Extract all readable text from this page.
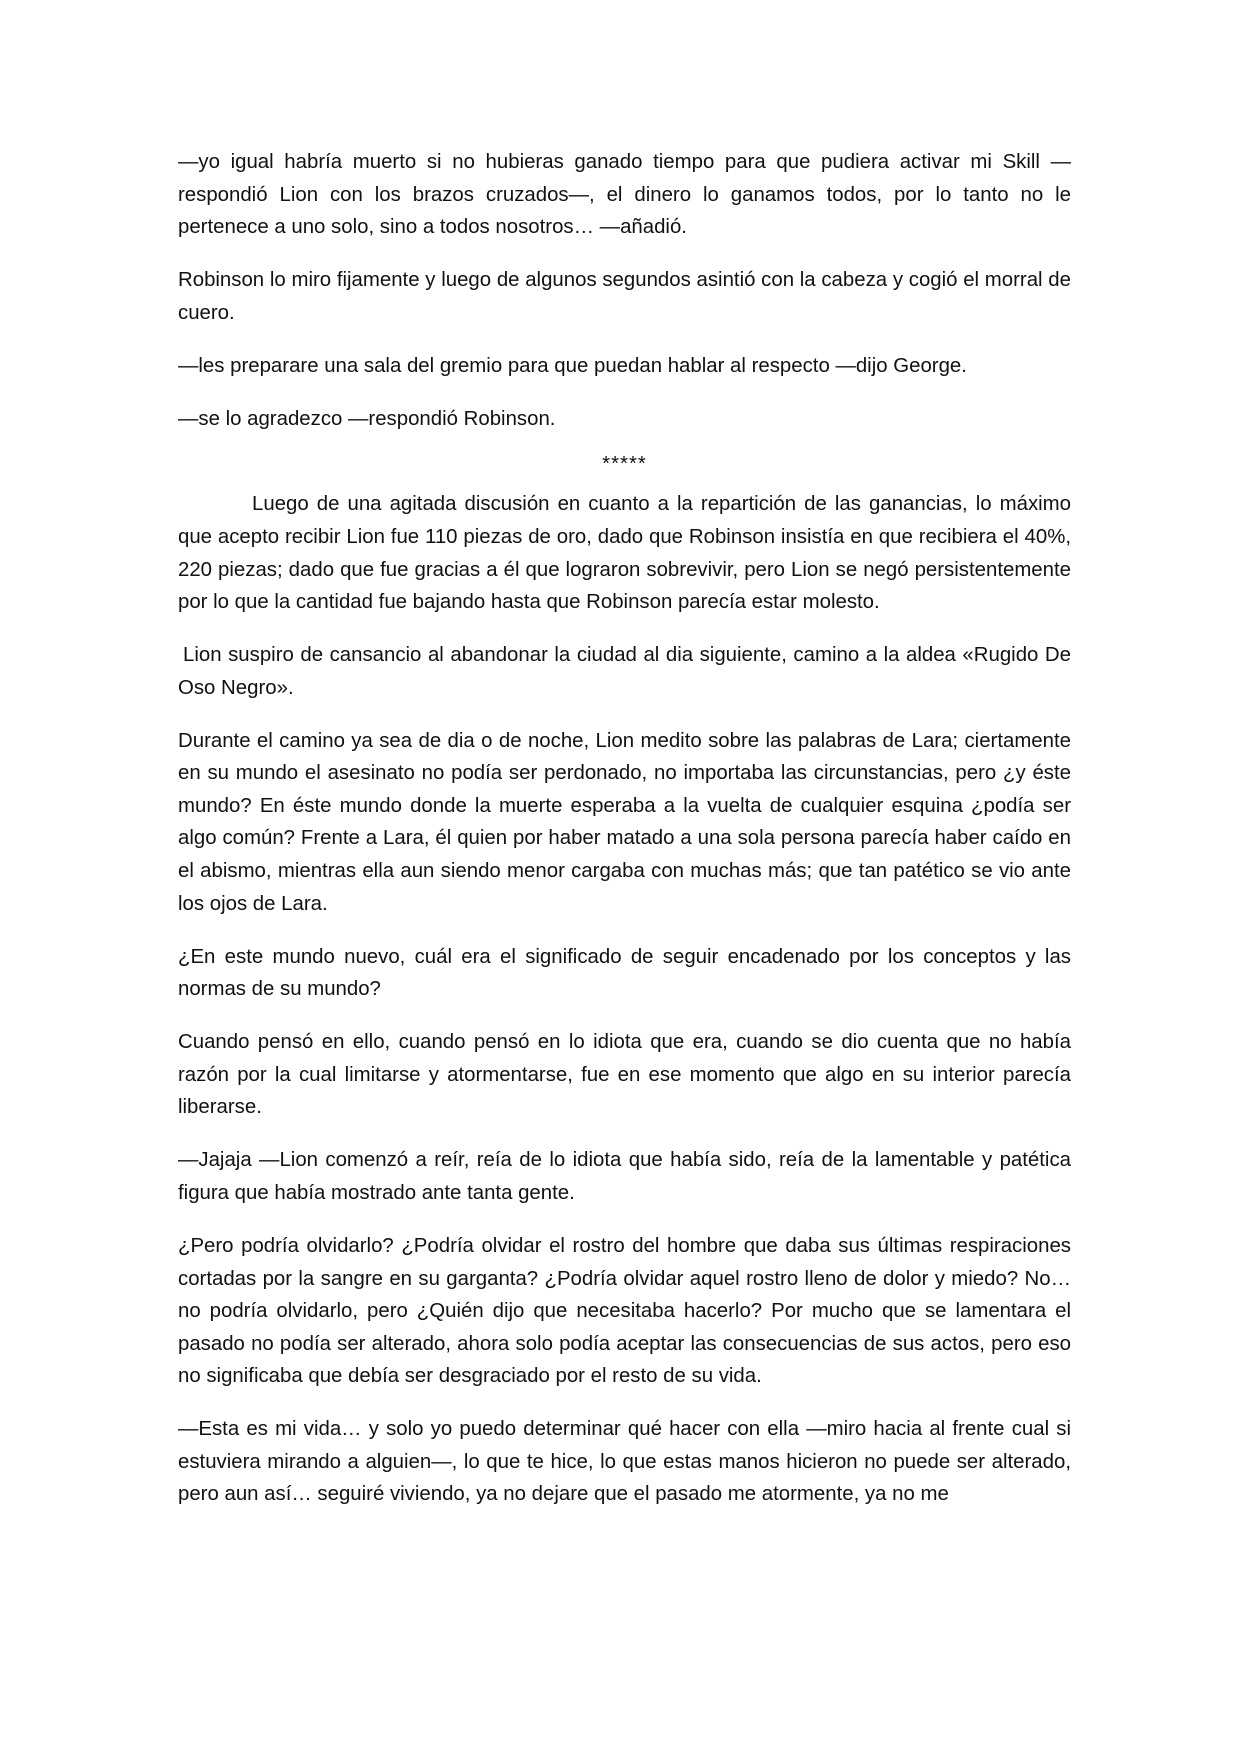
—yo igual habría muerto si no hubieras ganado tiempo para que pudiera activar mi Skill —respondió Lion con los brazos cruzados—, el dinero lo ganamos todos, por lo tanto no le pertenece a uno solo, sino a todos nosotros… —añadió.

Robinson lo miro fijamente y luego de algunos segundos asintió con la cabeza y cogió el morral de cuero.

—les preparare una sala del gremio para que puedan hablar al respecto —dijo George.

—se lo agradezco —respondió Robinson.

*****

Luego de una agitada discusión en cuanto a la repartición de las ganancias, lo máximo que acepto recibir Lion fue 110 piezas de oro, dado que Robinson insistía en que recibiera el 40%, 220 piezas; dado que fue gracias a él que lograron sobrevivir, pero Lion se negó persistentemente por lo que la cantidad fue bajando hasta que Robinson parecía estar molesto.

Lion suspiro de cansancio al abandonar la ciudad al dia siguiente, camino a la aldea «Rugido De Oso Negro».

Durante el camino ya sea de dia o de noche, Lion medito sobre las palabras de Lara; ciertamente en su mundo el asesinato no podía ser perdonado, no importaba las circunstancias, pero ¿y éste mundo? En éste mundo donde la muerte esperaba a la vuelta de cualquier esquina ¿podía ser algo común? Frente a Lara, él quien por haber matado a una sola persona parecía haber caído en el abismo, mientras ella aun siendo menor cargaba con muchas más; que tan patético se vio ante los ojos de Lara.

¿En este mundo nuevo, cuál era el significado de seguir encadenado por los conceptos y las normas de su mundo?

Cuando pensó en ello, cuando pensó en lo idiota que era, cuando se dio cuenta que no había razón por la cual limitarse y atormentarse, fue en ese momento que algo en su interior parecía liberarse.

—Jajaja —Lion comenzó a reír, reía de lo idiota que había sido, reía de la lamentable y patética figura que había mostrado ante tanta gente.

¿Pero podría olvidarlo? ¿Podría olvidar el rostro del hombre que daba sus últimas respiraciones cortadas por la sangre en su garganta? ¿Podría olvidar aquel rostro lleno de dolor y miedo? No… no podría olvidarlo, pero ¿Quién dijo que necesitaba hacerlo? Por mucho que se lamentara el pasado no podía ser alterado, ahora solo podía aceptar las consecuencias de sus actos, pero eso no significaba que debía ser desgraciado por el resto de su vida.

—Esta es mi vida… y solo yo puedo determinar qué hacer con ella —miro hacia al frente cual si estuviera mirando a alguien—, lo que te hice, lo que estas manos hicieron no puede ser alterado, pero aun así… seguiré viviendo, ya no dejare que el pasado me atormente, ya no me
